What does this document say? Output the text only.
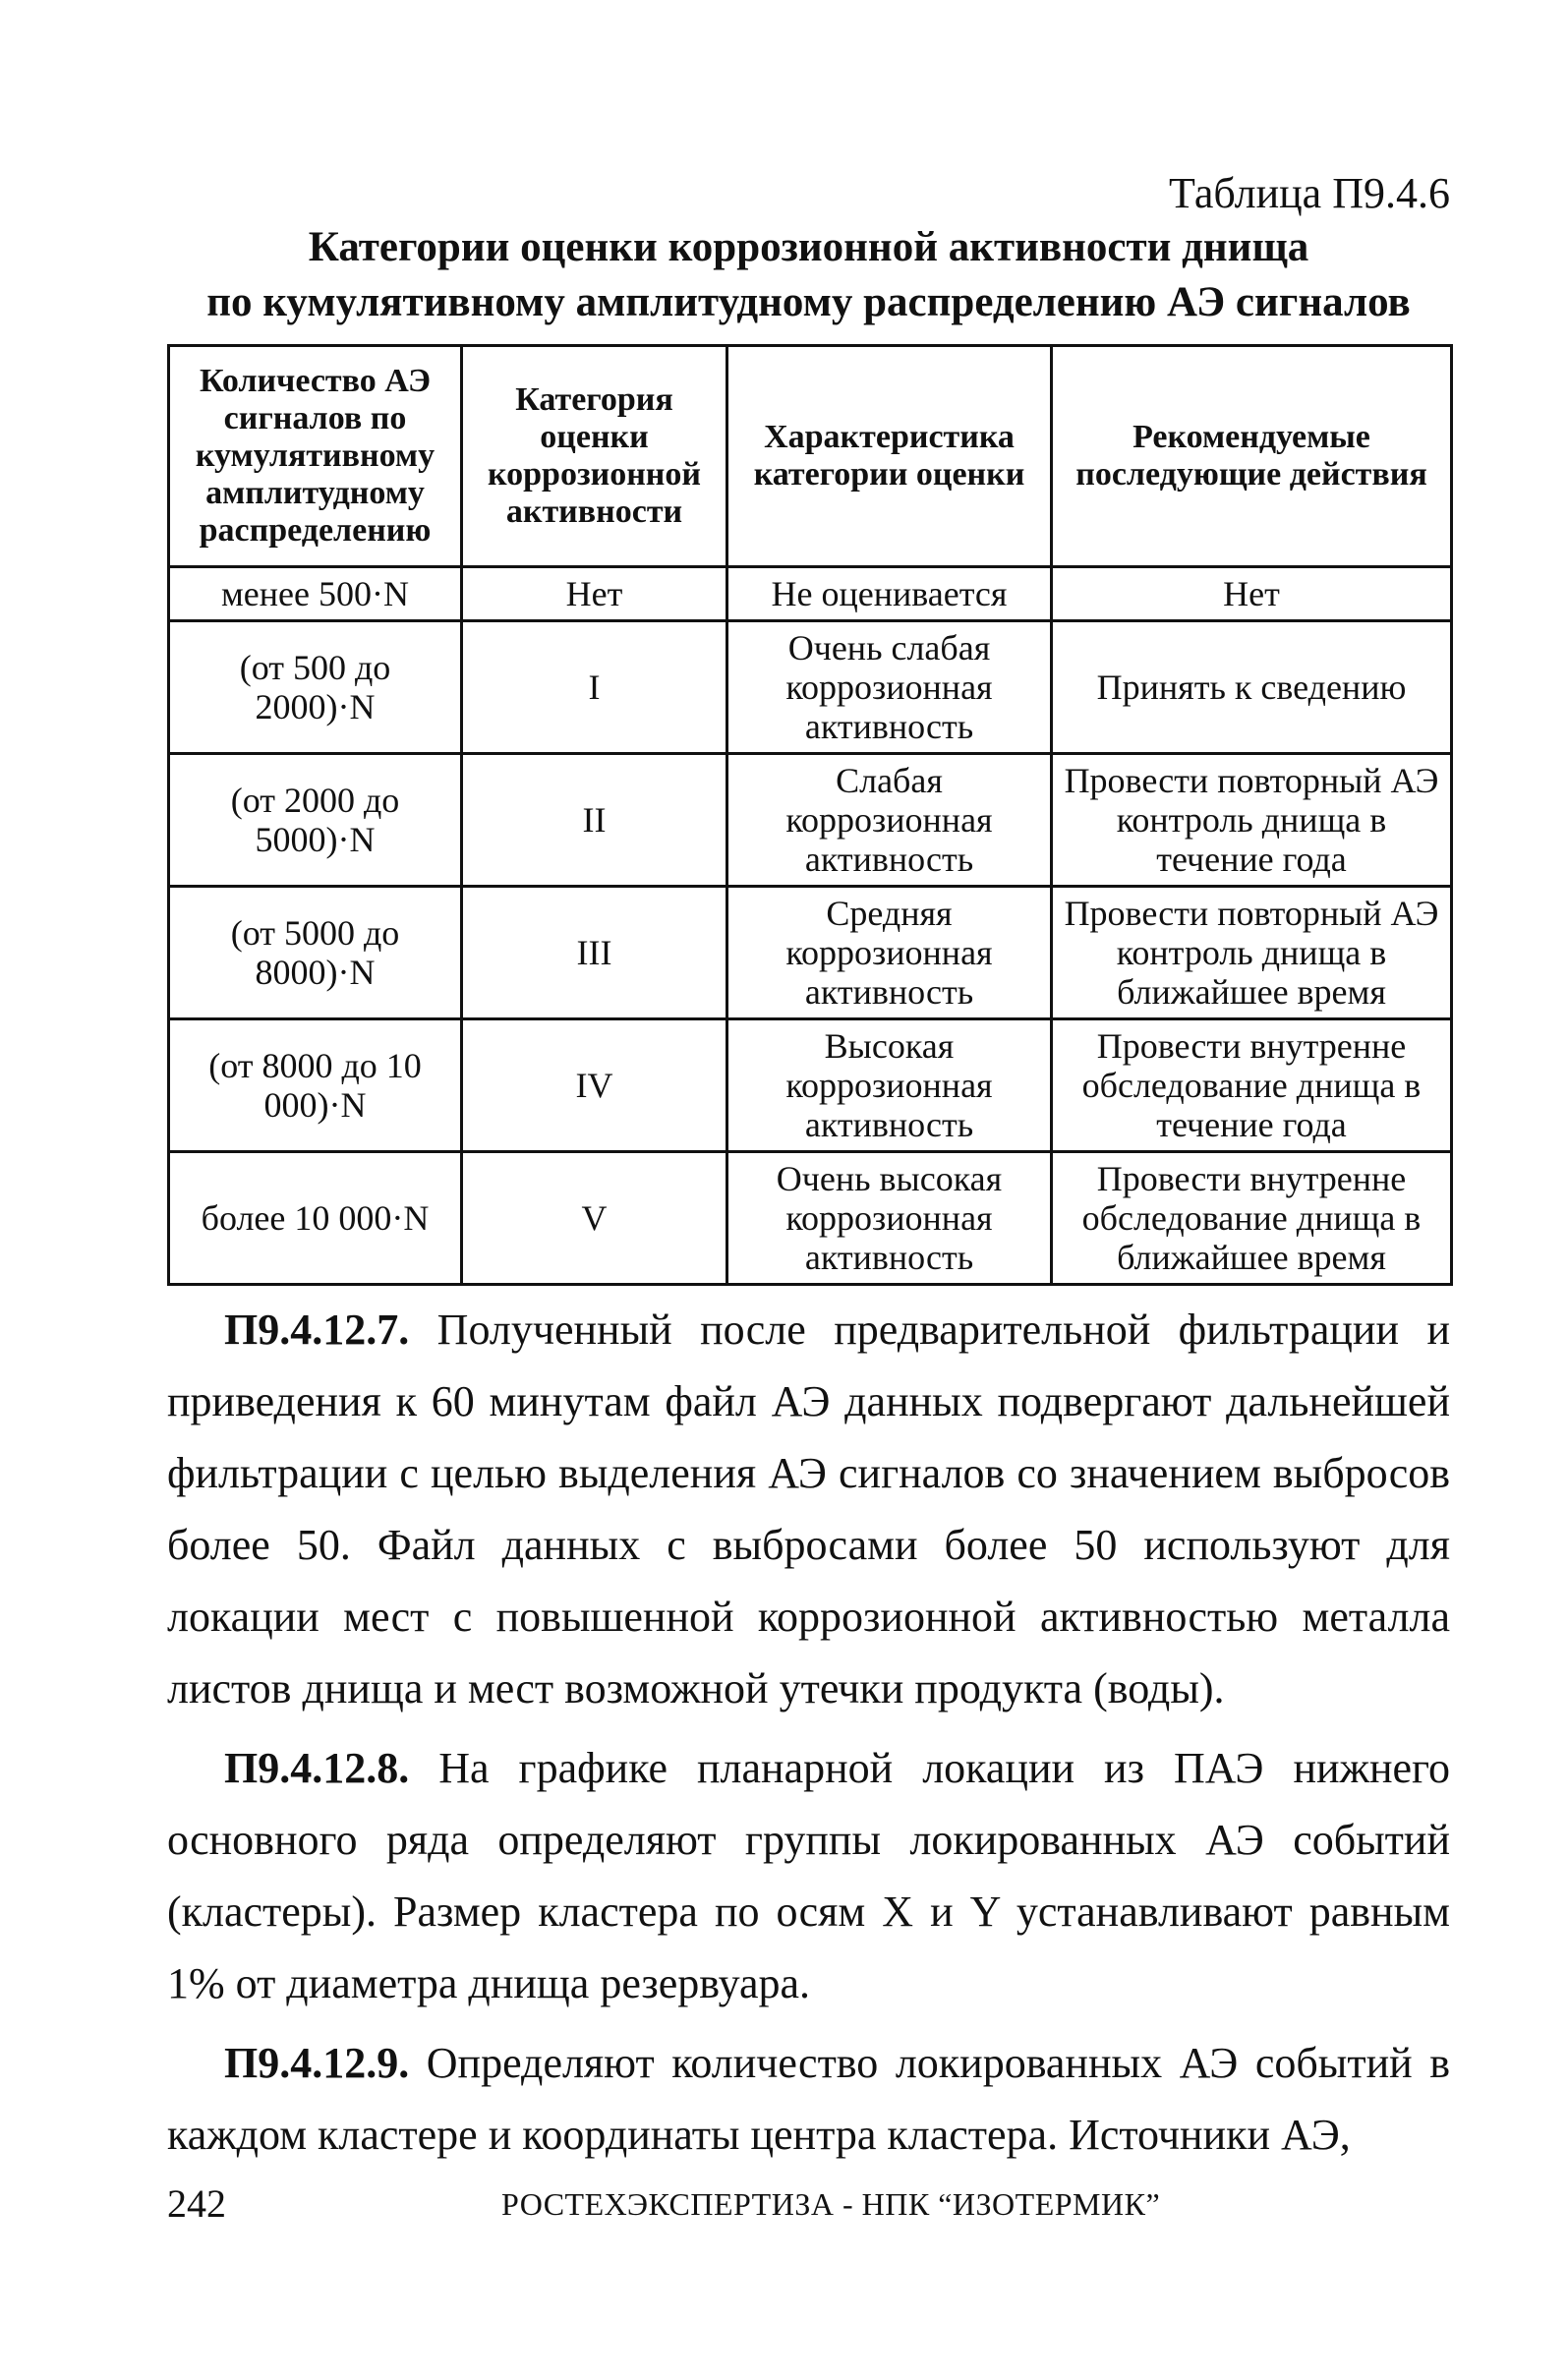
Таблица П9.4.6

Категории оценки коррозионной активности днища
по кумулятивному амплитудному распределению АЭ сигналов
Количество АЭ сигналов по кумулятивному амплитудному распределению	Категория оценки коррозионной активности	Характеристика категории оценки	Рекомендуемые последующие действия
менее 500·N	Нет	Не оценивается	Нет
(от 500 до 2000)·N	I	Очень слабая коррозионная активность	Принять к сведению
(от 2000 до 5000)·N	II	Слабая коррозионная активность	Провести повторный АЭ контроль днища в течение года
(от 5000 до 8000)·N	III	Средняя коррозионная активность	Провести повторный АЭ контроль днища в ближайшее время
(от 8000 до 10 000)·N	IV	Высокая коррозионная активность	Провести внутренне обследование днища в течение года
более 10 000·N	V	Очень высокая коррозионная активность	Провести внутренне обследование днища в ближайшее время

П9.4.12.7. Полученный после предварительной фильтрации и приведения к 60 минутам файл АЭ данных подвергают дальнейшей фильтрации с целью выделения АЭ сигналов со значением выбросов более 50. Файл данных с выбросами более 50 используют для локации мест с повышенной коррозионной активностью металла листов днища и мест возможной утечки продукта (воды).

П9.4.12.8. На графике планарной локации из ПАЭ нижнего основного ряда определяют группы локированных АЭ событий (кластеры). Размер кластера по осям X и Y устанавливают равным 1% от диаметра днища резервуара.

П9.4.12.9. Определяют количество локированных АЭ событий в каждом кластере и координаты центра кластера. Источники АЭ,

242	РОСТЕХЭКСПЕРТИЗА - НПК “ИЗОТЕРМИК”
